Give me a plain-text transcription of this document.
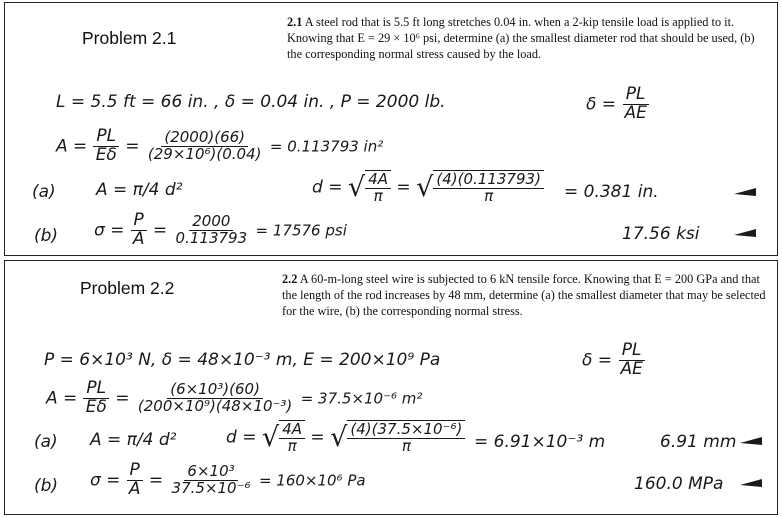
Problem 2.1
2.1 A steel rod that is 5.5 ft long stretches 0.04 in. when a 2-kip tensile load is applied to it. Knowing that E = 29 × 10⁶ psi, determine (a) the smallest diameter rod that should be used, (b) the corresponding normal stress caused by the load.
L = 5.5 ft = 66 in. , δ = 0.04 in. , P = 2000 lb.	$\delta = \frac{PL}{AE}$
$A = \frac{PL}{E\delta} = \frac{(2000)(66)}{\text{(29×10⁶)(0.04)}} = 0.113793$ in²
(a) A = π/4 d²	d = √ $\frac{4A}{\pi}$ = √ $\frac{(4)(0.113793)}{\pi} = 0.381$ in.
(b) $\sigma = \frac{P}{A} = \frac{2000}{0.113793} = 17576$ psi	17.56 ksi
Problem 2.2	2.2 A 60-m-long steel wire is subjected to 6 kN tensile force. Knowing that E = 200 GPa and that the length of the rod increases by 48 mm, determine (a) the smallest diameter that may be selected for the wire, (b) the corresponding normal stress.
P = 6×10³ N, δ = 48×10⁻³ m, E = 200×10⁹ Pa	$\delta = \frac{PL}{AE}$
$A = \frac{PL}{E\delta} = \frac{\text{(6×10³)(60)}}{\text{(200×10⁹)(48×10⁻³)}} = 37.5\times 10^{-6}$ m²
(a) A = π/4 d²	d = √ $\frac{4A}{\pi}$ = √ $\frac{\text{(4)(37.5×10⁻⁶)}}{\pi} = 6.91\times 10^{-3}$ m	6.91 mm
(b) $\sigma = \frac{P}{A} = \frac{\text{6×10³}}{\text{37.5×10⁻⁶}} = 160\times 10^6$ Pa	160.0 MPa
